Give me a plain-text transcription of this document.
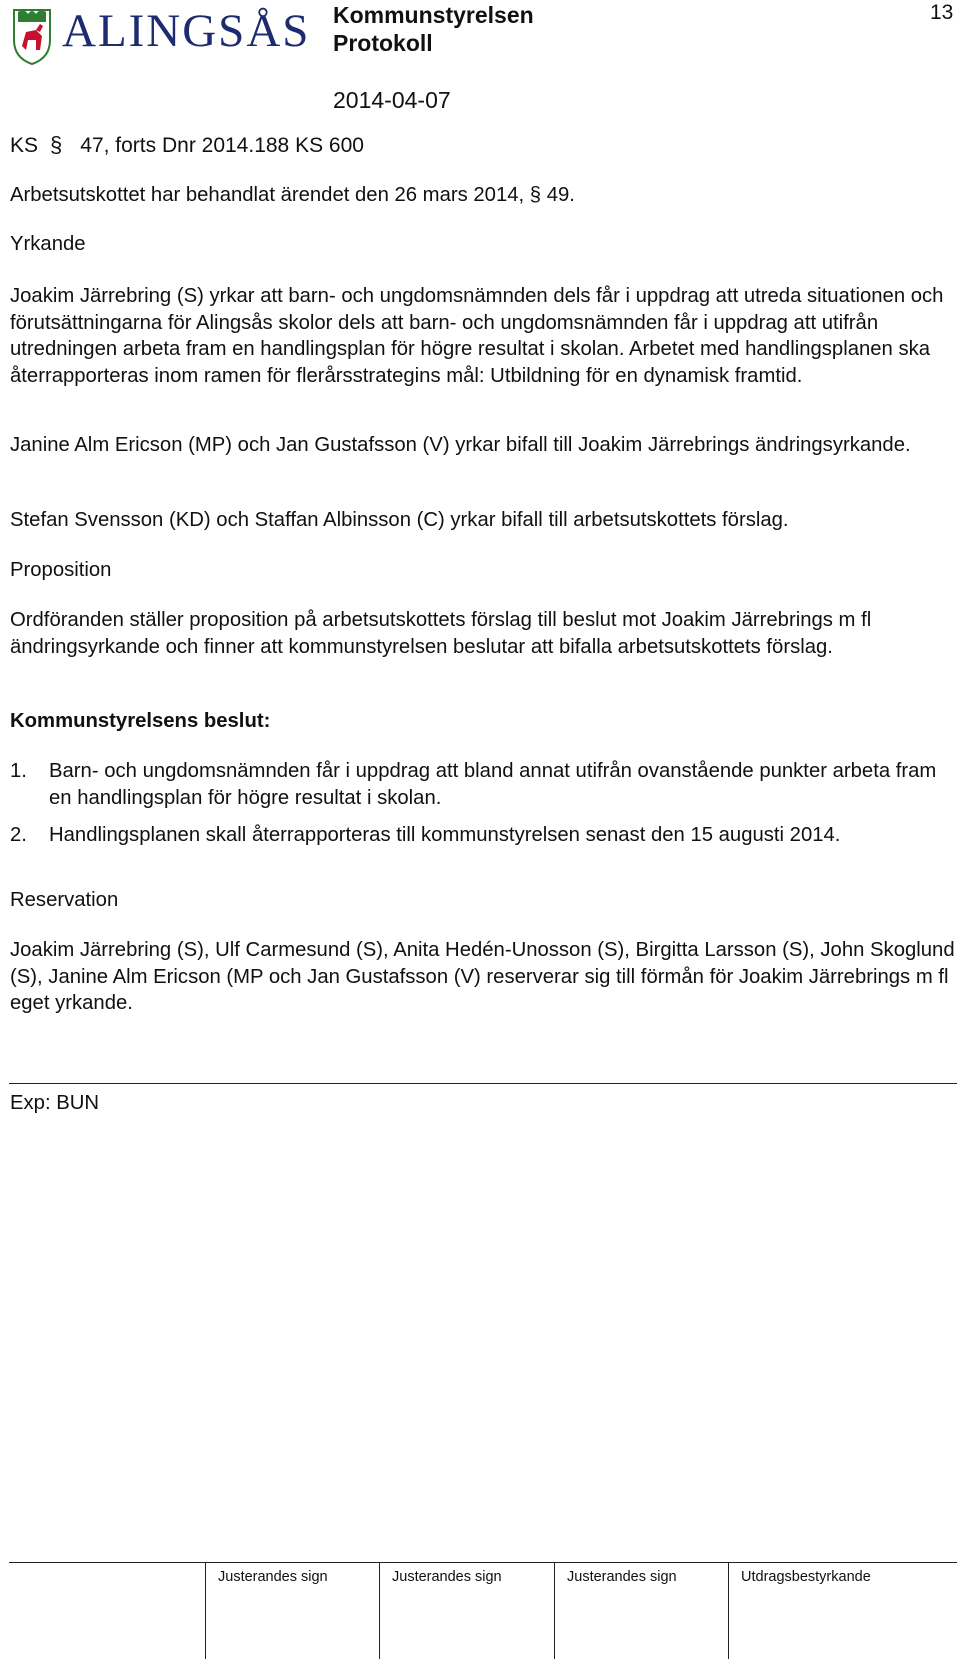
ALINGSÅS Kommunstyrelsen
Protokoll
2014-04-07
13
KS § 47, forts Dnr 2014.188 KS 600
Arbetsutskottet har behandlat ärendet den 26 mars 2014, § 49.
Yrkande
Joakim Järrebring (S) yrkar att barn- och ungdomsnämnden dels får i uppdrag att utreda situationen och förutsättningarna för Alingsås skolor dels att barn- och ungdomsnämnden får i uppdrag att utifrån utredningen arbeta fram en handlingsplan för högre resultat i skolan. Arbetet med handlingsplanen ska återrapporteras inom ramen för flerårsstrategins mål: Utbildning för en dynamisk framtid.
Janine Alm Ericson (MP) och Jan Gustafsson (V) yrkar bifall till Joakim Järrebrings ändringsyrkande.
Stefan Svensson (KD) och Staffan Albinsson (C) yrkar bifall till arbetsutskottets förslag.
Proposition
Ordföranden ställer proposition på arbetsutskottets förslag till beslut mot Joakim Järrebrings m fl ändringsyrkande och finner att kommunstyrelsen beslutar att bifalla arbetsutskottets förslag.
Kommunstyrelsens beslut:
1. Barn- och ungdomsnämnden får i uppdrag att bland annat utifrån ovanstående punkter arbeta fram en handlingsplan för högre resultat i skolan.
2. Handlingsplanen skall återrapporteras till kommunstyrelsen senast den 15 augusti 2014.
Reservation
Joakim Järrebring (S), Ulf Carmesund (S), Anita Hedén-Unosson (S), Birgitta Larsson (S), John Skoglund (S), Janine Alm Ericson (MP och Jan Gustafsson (V) reserverar sig till förmån för Joakim Järrebrings m fl eget yrkande.
Exp: BUN
Justerandes sign	Justerandes sign	Justerandes sign	Utdragsbestyrkande
